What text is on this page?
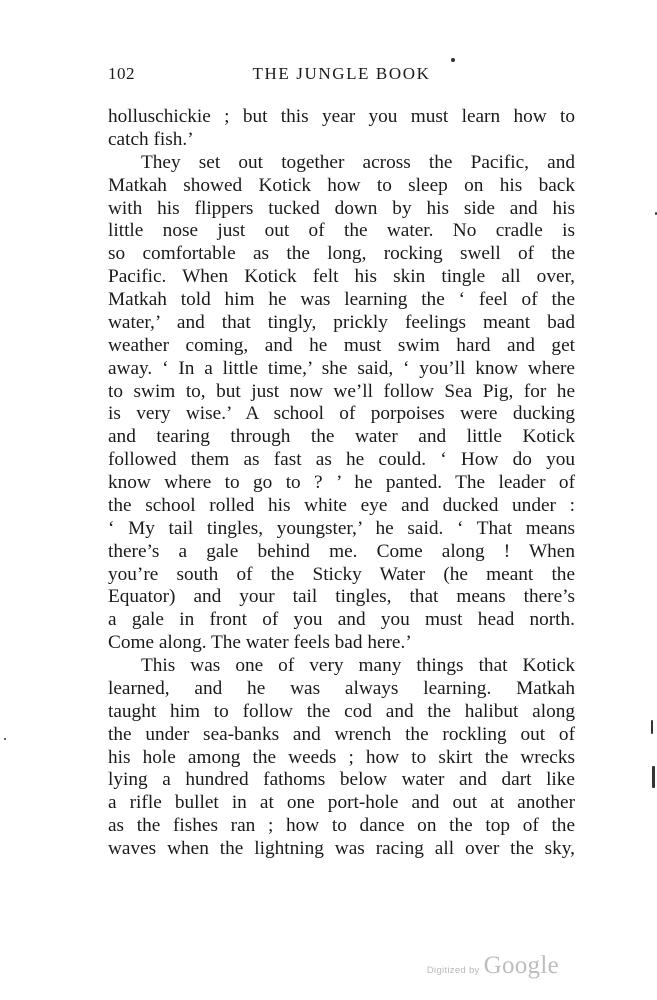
102	THE JUNGLE BOOK
holluschickie ; but this year you must learn how to
catch fish.’
They set out together across the Pacific, and
Matkah showed Kotick how to sleep on his back
with his flippers tucked down by his side and his
little nose just out of the water. No cradle is
so comfortable as the long, rocking swell of the
Pacific. When Kotick felt his skin tingle all over,
Matkah told him he was learning the ‘ feel of the
water,’ and that tingly, prickly feelings meant bad
weather coming, and he must swim hard and get
away. ‘ In a little time,’ she said, ‘ you’ll know where
to swim to, but just now we’ll follow Sea Pig, for he
is very wise.’ A school of porpoises were ducking
and tearing through the water and little Kotick
followed them as fast as he could. ‘ How do you
know where to go to ? ’ he panted. The leader of
the school rolled his white eye and ducked under :
‘ My tail tingles, youngster,’ he said. ‘ That means
there’s a gale behind me. Come along ! When
you’re south of the Sticky Water (he meant the
Equator) and your tail tingles, that means there’s
a gale in front of you and you must head north.
Come along. The water feels bad here.’
This was one of very many things that Kotick
learned, and he was always learning. Matkah
taught him to follow the cod and the halibut along
the under sea-banks and wrench the rockling out of
his hole among the weeds ; how to skirt the wrecks
lying a hundred fathoms below water and dart like
a rifle bullet in at one port-hole and out at another
as the fishes ran ; how to dance on the top of the
waves when the lightning was racing all over the sky,
Digitized by Google
